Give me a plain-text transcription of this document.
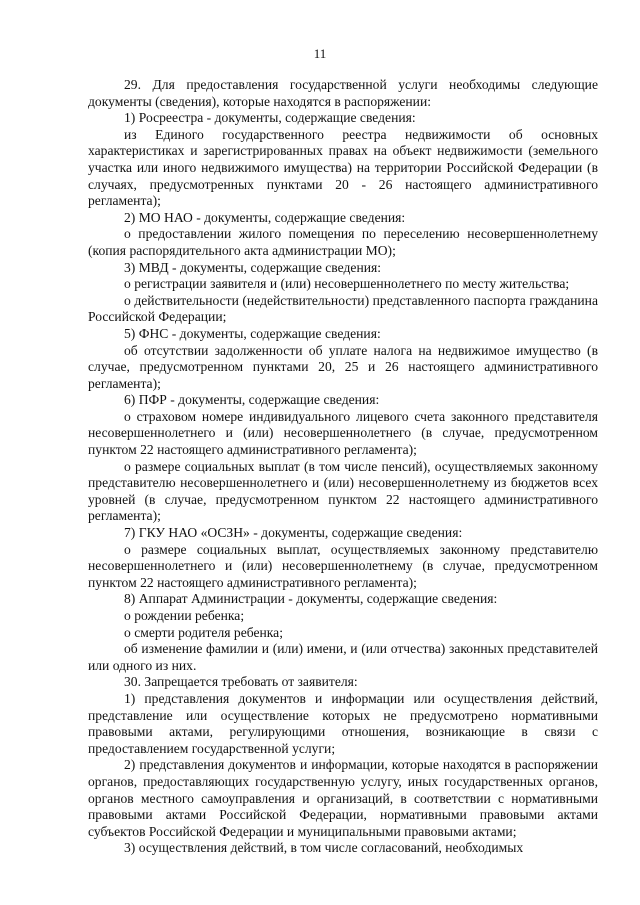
11

29. Для предоставления государственной услуги необходимы следующие документы (сведения), которые находятся в распоряжении:

1) Росреестра - документы, содержащие сведения:

из Единого государственного реестра недвижимости об основных характеристиках и зарегистрированных правах на объект недвижимости (земельного участка или иного недвижимого имущества) на территории Российской Федерации (в случаях, предусмотренных пунктами 20 - 26 настоящего административного регламента);

2) МО НАО - документы, содержащие сведения:

о предоставлении жилого помещения по переселению несовершеннолетнему (копия распорядительного акта администрации МО);

3) МВД - документы, содержащие сведения:

о регистрации заявителя и (или) несовершеннолетнего по месту жительства;

о действительности (недействительности) представленного паспорта гражданина Российской Федерации;

5) ФНС - документы, содержащие сведения:

об отсутствии задолженности об уплате налога на недвижимое имущество (в случае, предусмотренном пунктами 20, 25 и 26 настоящего административного регламента);

6) ПФР - документы, содержащие сведения:

о страховом номере индивидуального лицевого счета законного представителя несовершеннолетнего и (или) несовершеннолетнего (в случае, предусмотренном пунктом 22 настоящего административного регламента);

о размере социальных выплат (в том числе пенсий), осуществляемых законному представителю несовершеннолетнего и (или) несовершеннолетнему из бюджетов всех уровней (в случае, предусмотренном пунктом 22 настоящего административного регламента);

7) ГКУ НАО «ОСЗН» - документы, содержащие сведения:

о размере социальных выплат, осуществляемых законному представителю несовершеннолетнего и (или) несовершеннолетнему (в случае, предусмотренном пунктом 22 настоящего административного регламента);

8) Аппарат Администрации - документы, содержащие сведения:

о рождении ребенка;

о смерти родителя ребенка;

об изменение фамилии и (или) имени, и (или отчества) законных представителей или одного из них.

30. Запрещается требовать от заявителя:

1) представления документов и информации или осуществления действий, представление или осуществление которых не предусмотрено нормативными правовыми актами, регулирующими отношения, возникающие в связи с предоставлением государственной услуги;

2) представления документов и информации, которые находятся в распоряжении органов, предоставляющих государственную услугу, иных государственных органов, органов местного самоуправления и организаций, в соответствии с нормативными правовыми актами Российской Федерации, нормативными правовыми актами субъектов Российской Федерации и муниципальными правовыми актами;

3) осуществления действий, в том числе согласований, необходимых
